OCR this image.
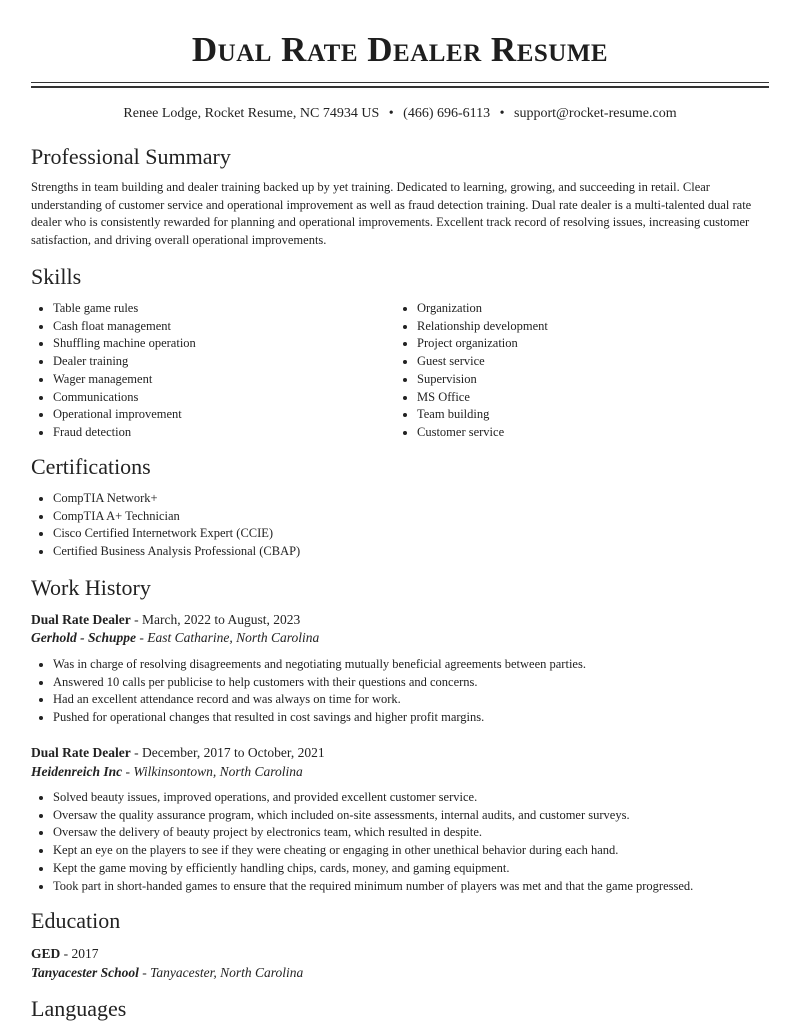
Dual Rate Dealer Resume
Renee Lodge, Rocket Resume, NC 74934 US • (466) 696-6113 • support@rocket-resume.com
Professional Summary

Strengths in team building and dealer training backed up by yet training. Dedicated to learning, growing, and succeeding in retail. Clear understanding of customer service and operational improvement as well as fraud detection training. Dual rate dealer is a multi-talented dual rate dealer who is consistently rewarded for planning and operational improvements. Excellent track record of resolving issues, increasing customer satisfaction, and driving overall operational improvements.

Skills
• Table game rules
• Cash float management
• Shuffling machine operation
• Dealer training
• Wager management
• Communications
• Operational improvement
• Fraud detection
• Organization
• Relationship development
• Project organization
• Guest service
• Supervision
• MS Office
• Team building
• Customer service
Certifications
• CompTIA Network+
• CompTIA A+ Technician
• Cisco Certified Internetwork Expert (CCIE)
• Certified Business Analysis Professional (CBAP)
Work History
Dual Rate Dealer - March, 2022 to August, 2023
Gerhold - Schuppe - East Catharine, North Carolina
• Was in charge of resolving disagreements and negotiating mutually beneficial agreements between parties.
• Answered 10 calls per publicise to help customers with their questions and concerns.
• Had an excellent attendance record and was always on time for work.
• Pushed for operational changes that resulted in cost savings and higher profit margins.
Dual Rate Dealer - December, 2017 to October, 2021
Heidenreich Inc - Wilkinsontown, North Carolina
• Solved beauty issues, improved operations, and provided excellent customer service.
• Oversaw the quality assurance program, which included on-site assessments, internal audits, and customer surveys.
• Oversaw the delivery of beauty project by electronics team, which resulted in despite.
• Kept an eye on the players to see if they were cheating or engaging in other unethical behavior during each hand.
• Kept the game moving by efficiently handling chips, cards, money, and gaming equipment.
• Took part in short-handed games to ensure that the required minimum number of players was met and that the game progressed.
Education
GED - 2017
Tanyacester School - Tanyacester, North Carolina
Languages
